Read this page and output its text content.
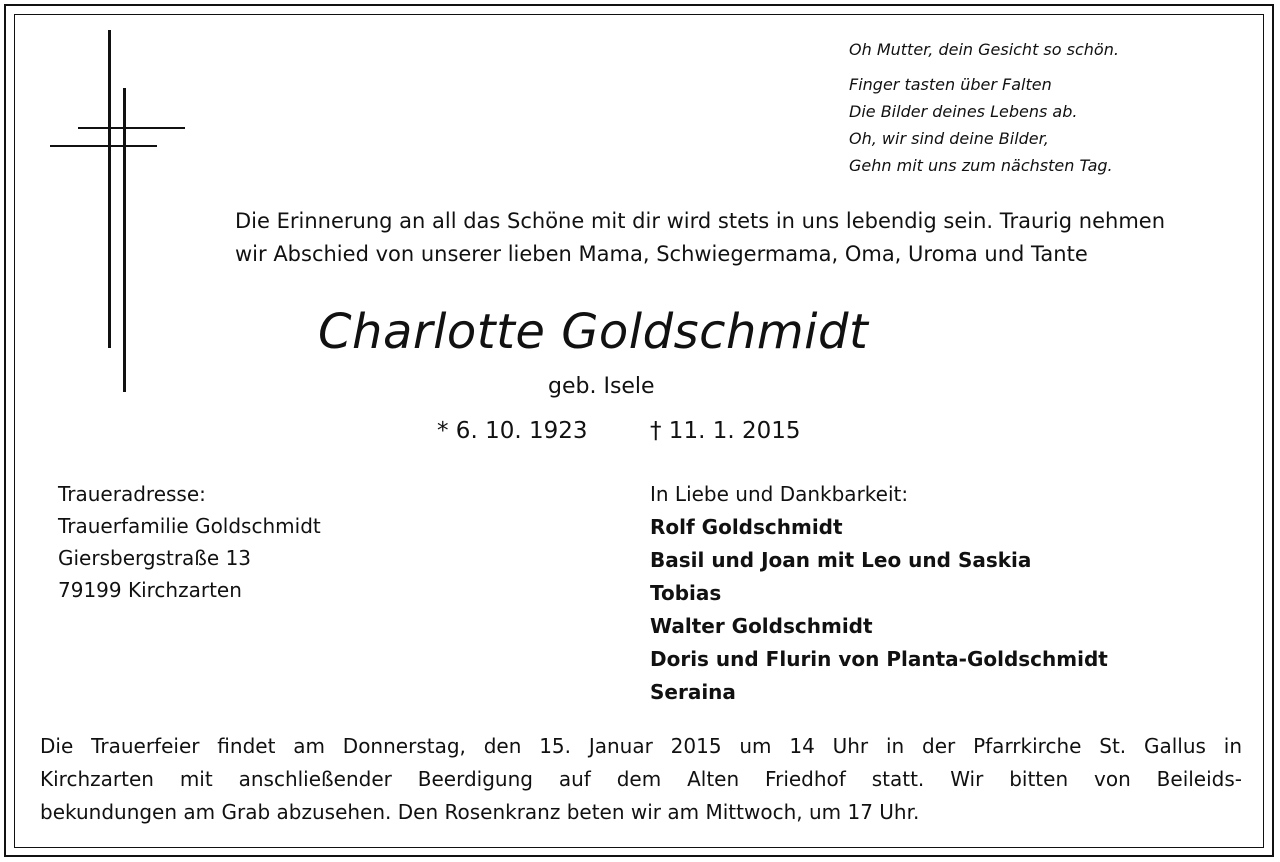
Oh Mutter, dein Gesicht so schön.
Finger tasten über Falten
Die Bilder deines Lebens ab.
Oh, wir sind deine Bilder,
Gehn mit uns zum nächsten Tag.
Die Erinnerung an all das Schöne mit dir wird stets in uns lebendig sein. Traurig nehmen
wir Abschied von unserer lieben Mama, Schwiegermama, Oma, Uroma und Tante
Charlotte Goldschmidt
geb. Isele
* 6. 10. 1923	† 11. 1. 2015
Traueradresse:
Trauerfamilie Goldschmidt
Giersbergstraße 13
79199 Kirchzarten
In Liebe und Dankbarkeit:
Rolf Goldschmidt
Basil und Joan mit Leo und Saskia
Tobias
Walter Goldschmidt
Doris und Flurin von Planta-Goldschmidt
Seraina
Die Trauerfeier findet am Donnerstag, den 15. Januar 2015 um 14 Uhr in der Pfarrkirche St. Gallus in
Kirchzarten mit anschließender Beerdigung auf dem Alten Friedhof statt. Wir bitten von Beileids-
bekundungen am Grab abzusehen. Den Rosenkranz beten wir am Mittwoch, um 17 Uhr.
